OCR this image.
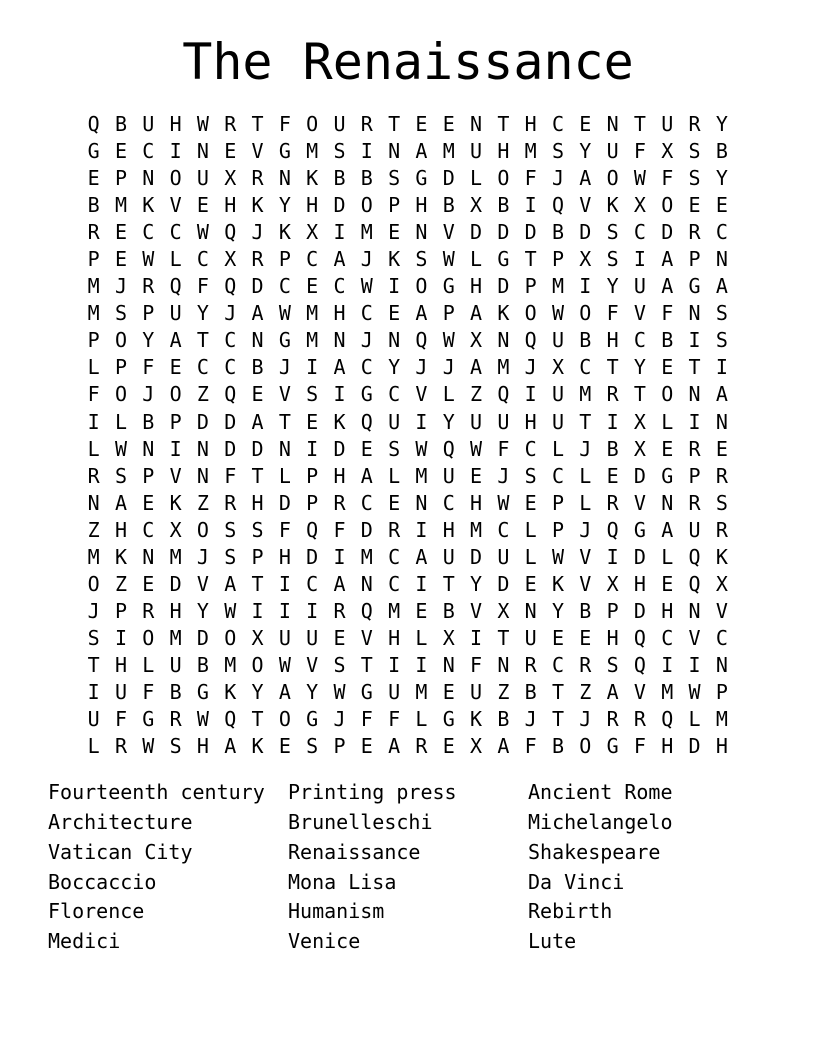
The Renaissance
Q B U H W R T F O U R T E E N T H C E N T U R Y
G E C I N E V G M S I N A M U H M S Y U F X S B
E P N O U X R N K B B S G D L O F J A O W F S Y
B M K V E H K Y H D O P H B X B I Q V K X O E E
R E C C W Q J K X I M E N V D D D B D S C D R C
P E W L C X R P C A J K S W L G T P X S I A P N
M J R Q F Q D C E C W I O G H D P M I Y U A G A
M S P U Y J A W M H C E A P A K O W O F V F N S
P O Y A T C N G M N J N Q W X N Q U B H C B I S
L P F E C C B J I A C Y J J A M J X C T Y E T I
F O J O Z Q E V S I G C V L Z Q I U M R T O N A
I L B P D D A T E K Q U I Y U U H U T I X L I N
L W N I N D D N I D E S W Q W F C L J B X E R E
R S P V N F T L P H A L M U E J S C L E D G P R
N A E K Z R H D P R C E N C H W E P L R V N R S
Z H C X O S S F Q F D R I H M C L P J Q G A U R
M K N M J S P H D I M C A U D U L W V I D L Q K
O Z E D V A T I C A N C I T Y D E K V X H E Q X
J P R H Y W I I I R Q M E B V X N Y B P D H N V
S I O M D O X U U E V H L X I T U E E H Q C V C
T H L U B M O W V S T I I N F N R C R S Q I I N
I U F B G K Y A Y W G U M E U Z B T Z A V M W P
U F G R W Q T O G J F F L G K B J T J R R Q L M
L R W S H A K E S P E A R E X A F B O G F H D H
Fourteenth century
Architecture
Vatican City
Boccaccio
Florence
Medici
Printing press
Brunelleschi
Renaissance
Mona Lisa
Humanism
Venice
Ancient Rome
Michelangelo
Shakespeare
Da Vinci
Rebirth
Lute
